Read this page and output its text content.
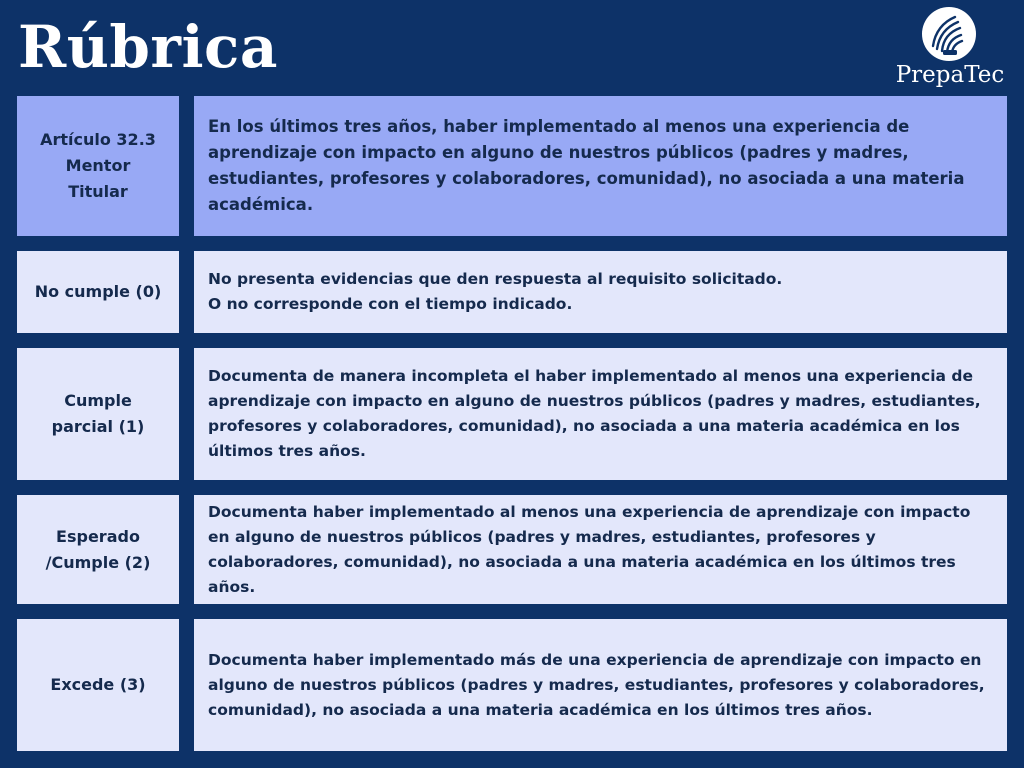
Rúbrica	PrepaTec
Artículo 32.3
Mentor
Titular
En los últimos tres años, haber implementado al menos una experiencia de aprendizaje con impacto en alguno de nuestros públicos (padres y madres, estudiantes, profesores y colaboradores, comunidad), no asociada a una materia académica.
No cumple (0)
No presenta evidencias que den respuesta al requisito solicitado.
O no corresponde con el tiempo indicado.
Cumple
parcial (1)
Documenta de manera incompleta el haber implementado al menos una experiencia de aprendizaje con impacto en alguno de nuestros públicos (padres y madres, estudiantes, profesores y colaboradores, comunidad), no asociada a una materia académica en los últimos tres años.
Esperado
/Cumple (2)
Documenta haber implementado al menos una experiencia de aprendizaje con impacto en alguno de nuestros públicos (padres y madres, estudiantes, profesores y colaboradores, comunidad), no asociada a una materia académica en los últimos tres años.
Excede (3)
Documenta haber implementado más de una experiencia de aprendizaje con impacto en alguno de nuestros públicos (padres y madres, estudiantes, profesores y colaboradores, comunidad), no asociada a una materia académica en los últimos tres años.
